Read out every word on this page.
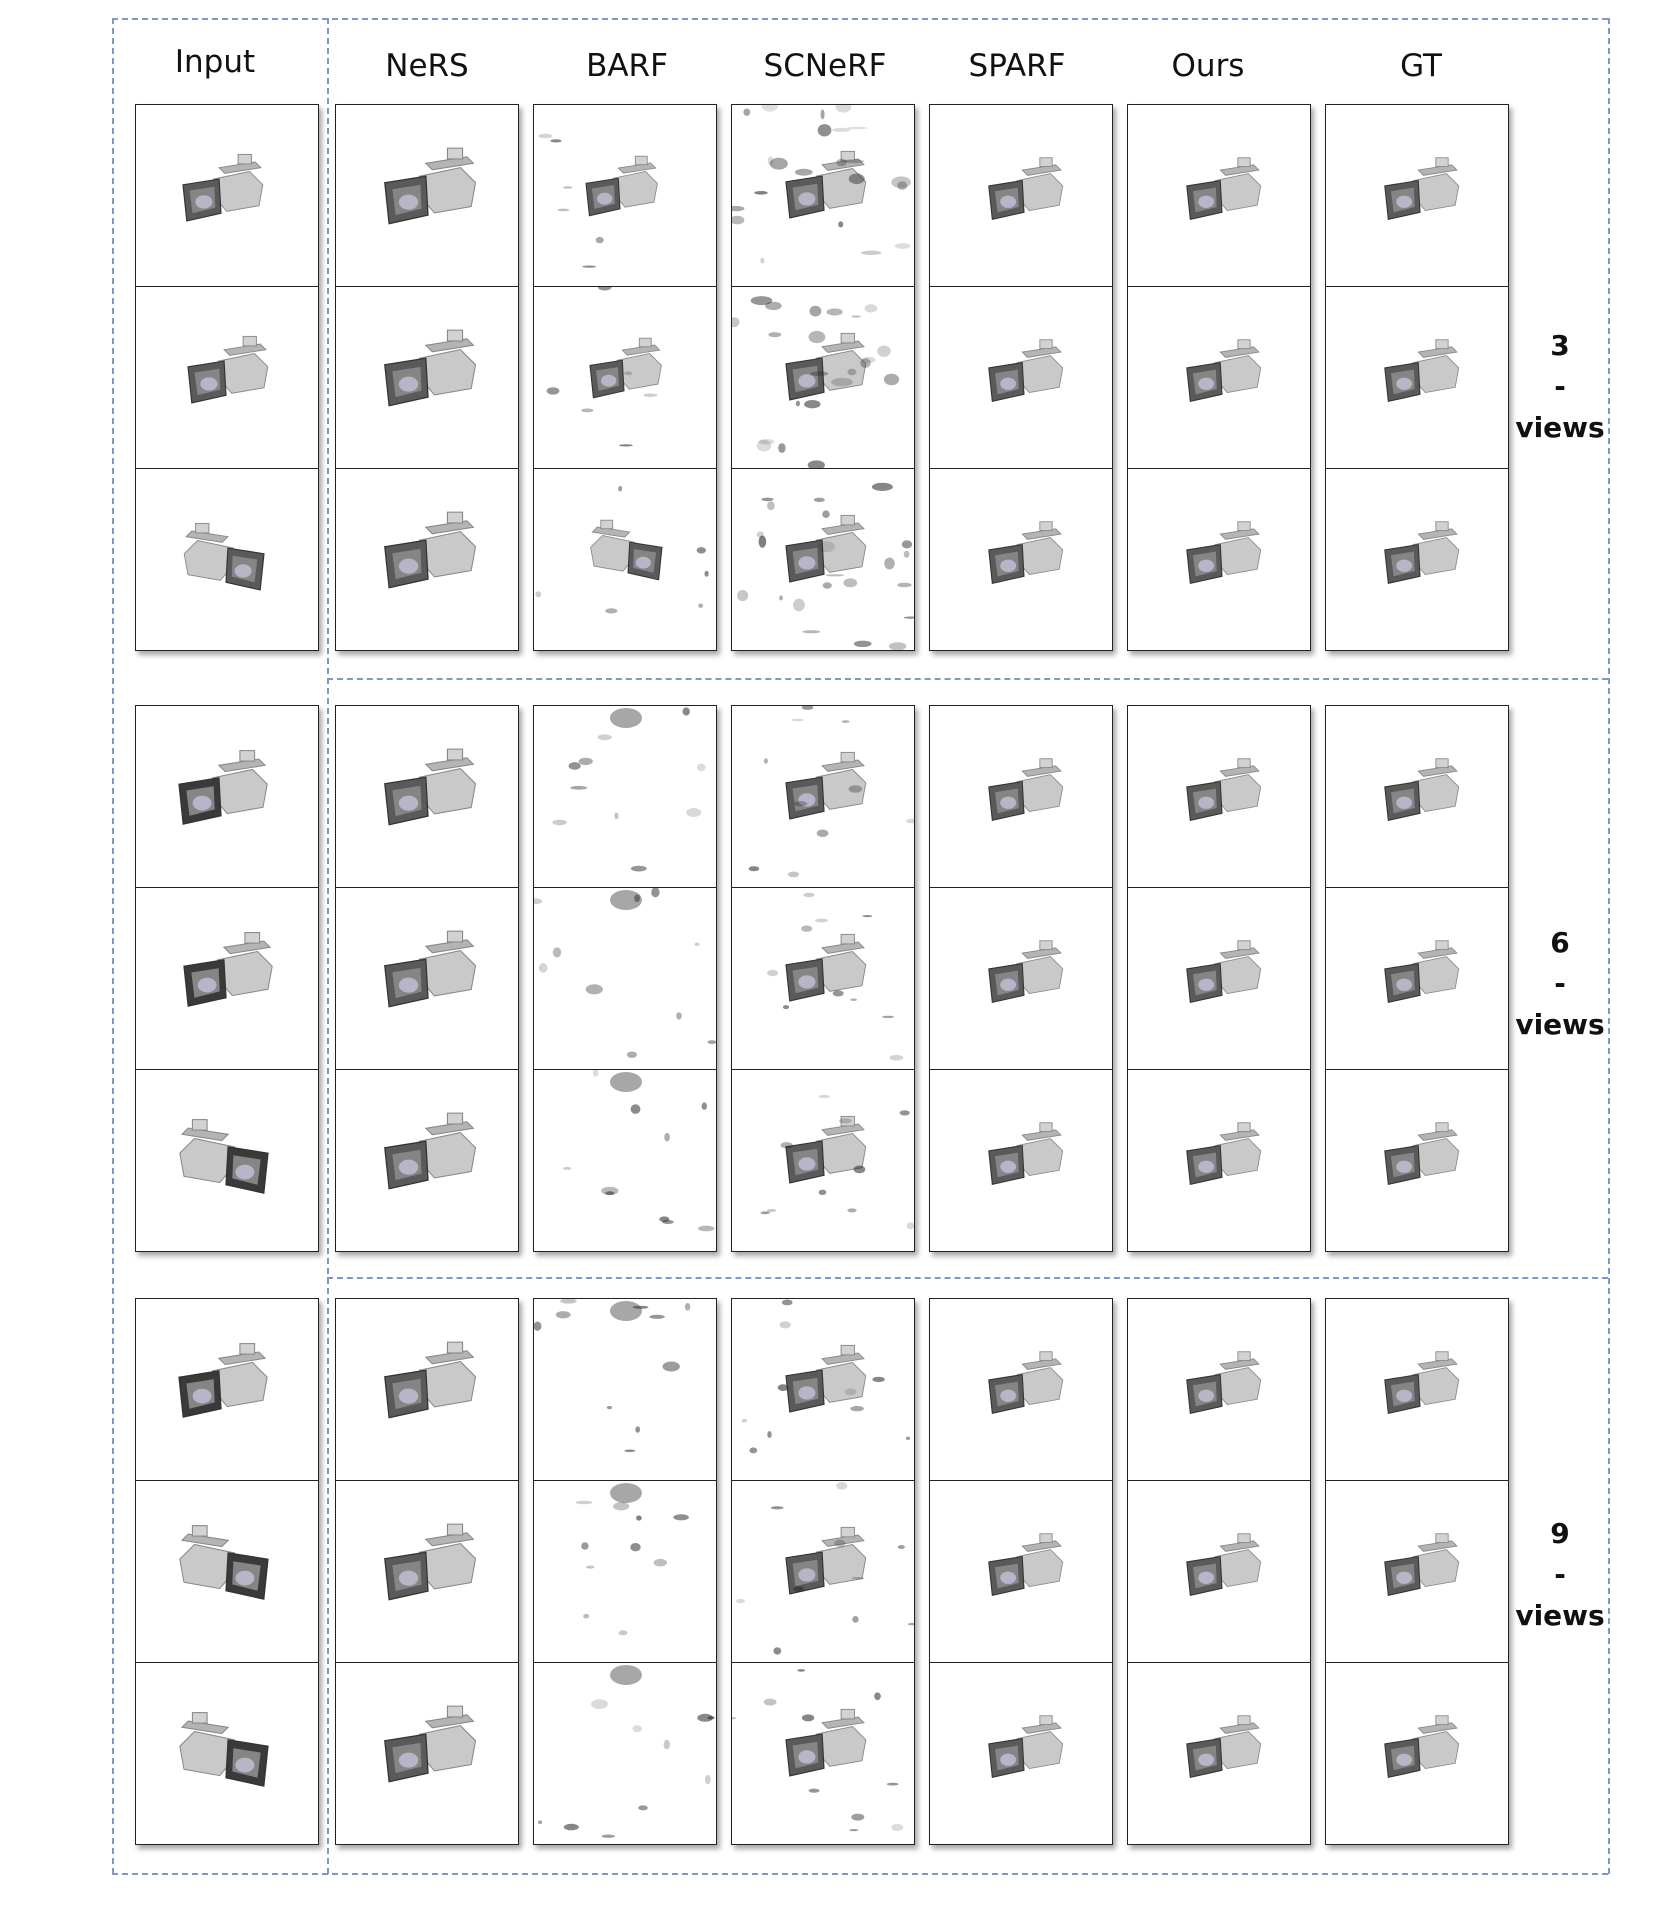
Input	NeRS	BARF	SCNeRF	SPARF	Ours	GT
3
-
views
6
-
views
9
-
views
